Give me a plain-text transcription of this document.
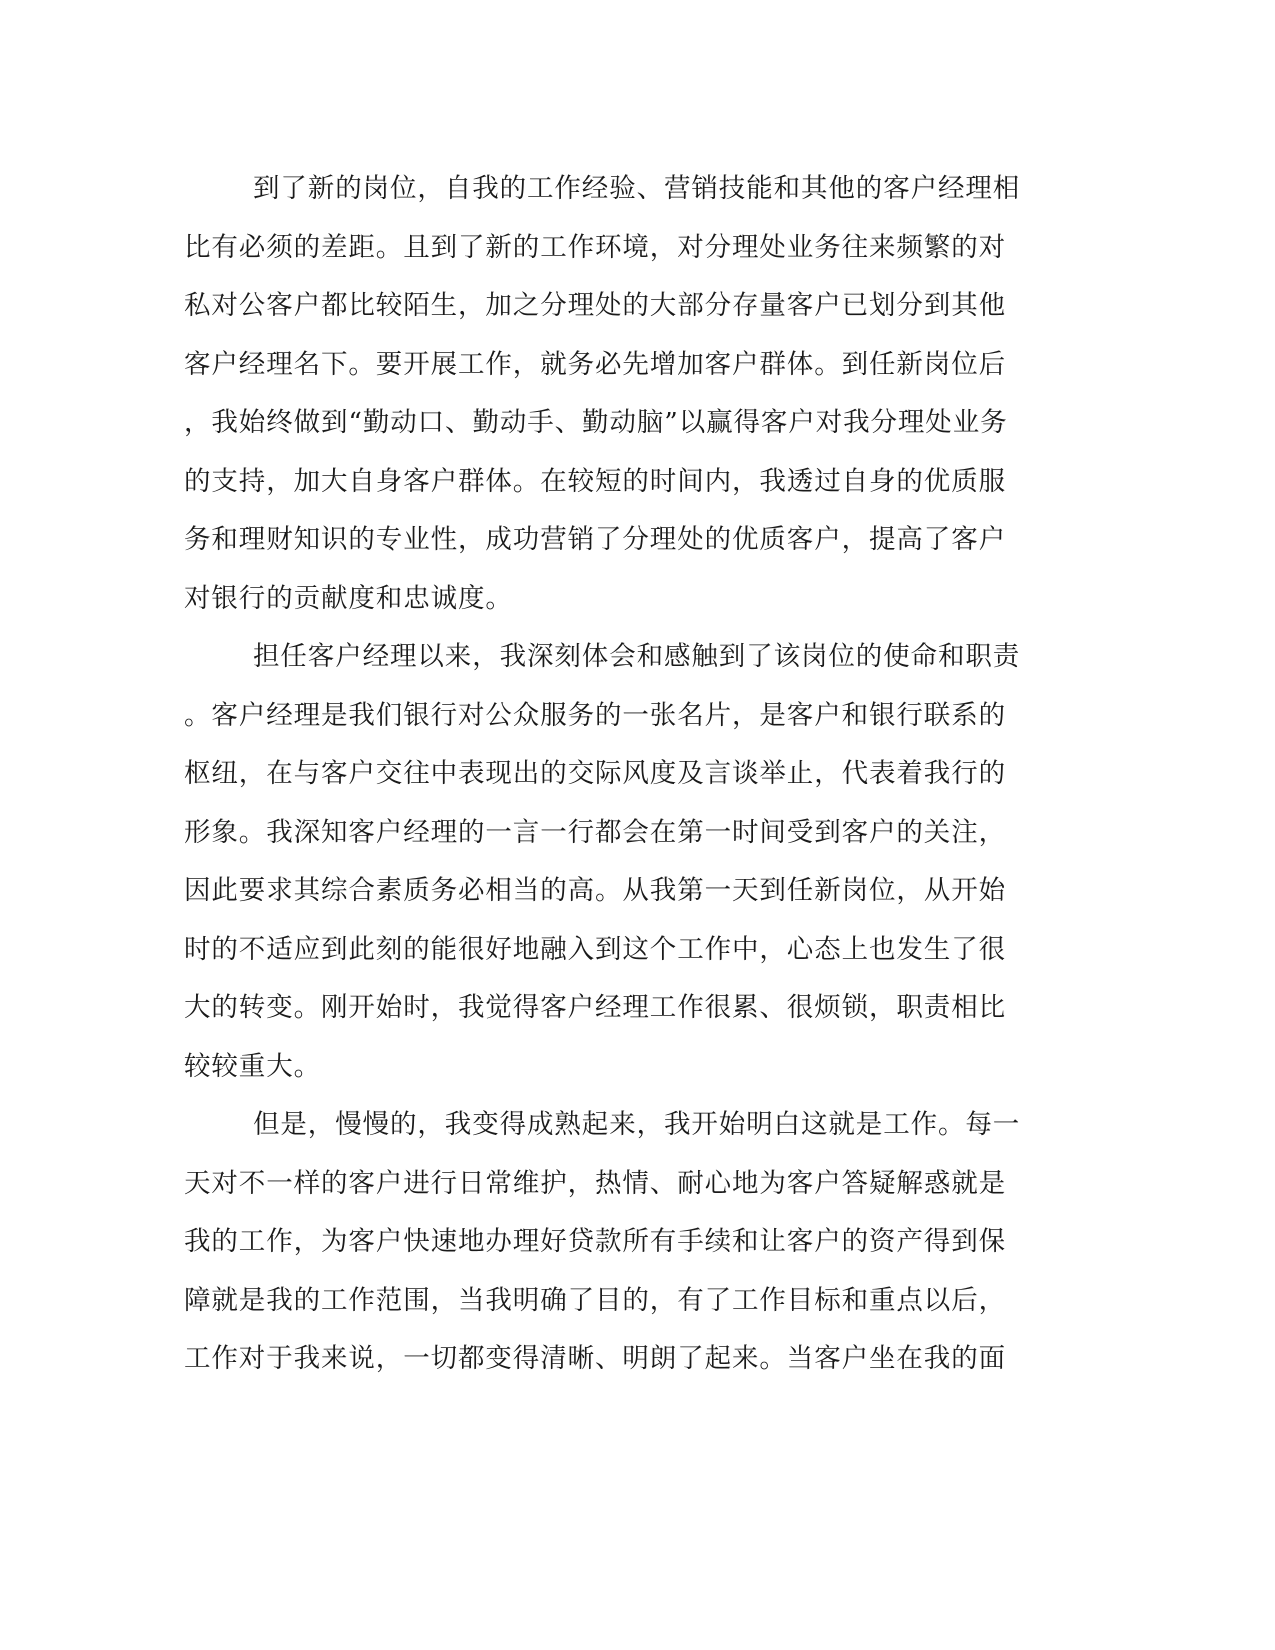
到了新的岗位，自我的工作经验、营销技能和其他的客户经理相
比有必须的差距。且到了新的工作环境，对分理处业务往来频繁的对
私对公客户都比较陌生，加之分理处的大部分存量客户已划分到其他
客户经理名下。要开展工作，就务必先增加客户群体。到任新岗位后
，我始终做到“勤动口、勤动手、勤动脑”以赢得客户对我分理处业务
的支持，加大自身客户群体。在较短的时间内，我透过自身的优质服
务和理财知识的专业性，成功营销了分理处的优质客户，提高了客户
对银行的贡献度和忠诚度。
担任客户经理以来，我深刻体会和感触到了该岗位的使命和职责
。客户经理是我们银行对公众服务的一张名片，是客户和银行联系的
枢纽，在与客户交往中表现出的交际风度及言谈举止，代表着我行的
形象。我深知客户经理的一言一行都会在第一时间受到客户的关注，
因此要求其综合素质务必相当的高。从我第一天到任新岗位，从开始
时的不适应到此刻的能很好地融入到这个工作中，心态上也发生了很
大的转变。刚开始时，我觉得客户经理工作很累、很烦锁，职责相比
较较重大。
但是，慢慢的，我变得成熟起来，我开始明白这就是工作。每一
天对不一样的客户进行日常维护，热情、耐心地为客户答疑解惑就是
我的工作，为客户快速地办理好贷款所有手续和让客户的资产得到保
障就是我的工作范围，当我明确了目的，有了工作目标和重点以后，
工作对于我来说，一切都变得清晰、明朗了起来。当客户坐在我的面
